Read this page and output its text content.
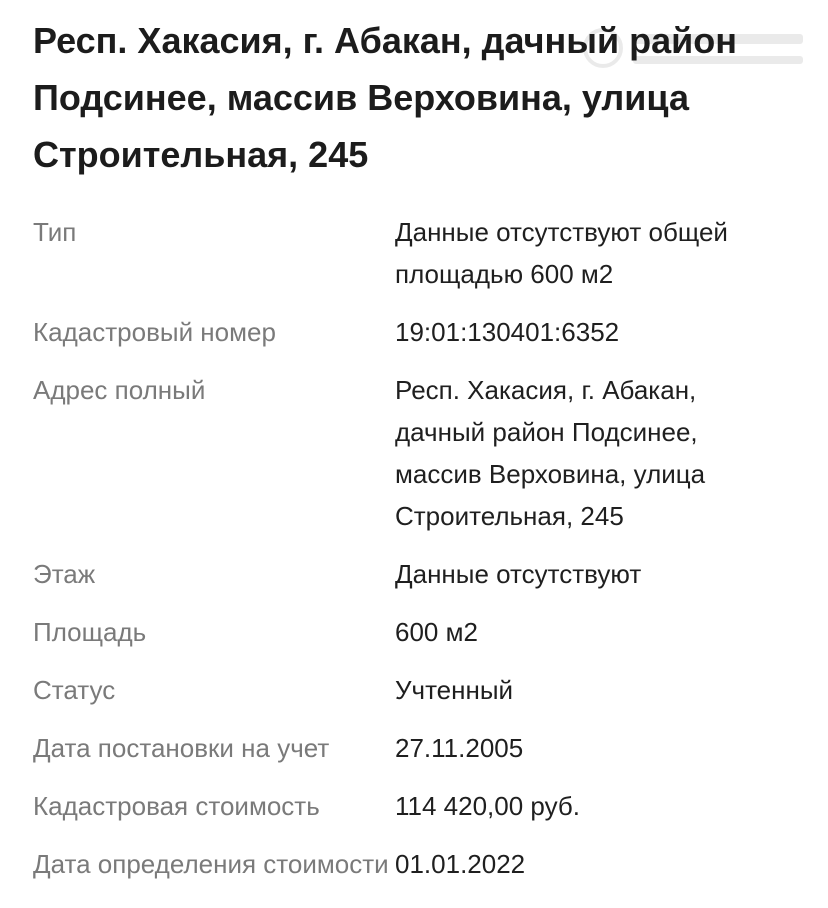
Респ. Хакасия, г. Абакан, дачный район Подсинее, массив Верховина, улица Строительная, 245
Тип	Данные отсутствуют общей площадью 600 м2
Кадастровый номер	19:01:130401:6352
Адрес полный	Респ. Хакасия, г. Абакан, дачный район Подсинее, массив Верховина, улица Строительная, 245
Этаж	Данные отсутствуют
Площадь	600 м2
Статус	Учтенный
Дата постановки на учет	27.11.2005
Кадастровая стоимость	114 420,00 руб.
Дата определения стоимости 01.01.2022
